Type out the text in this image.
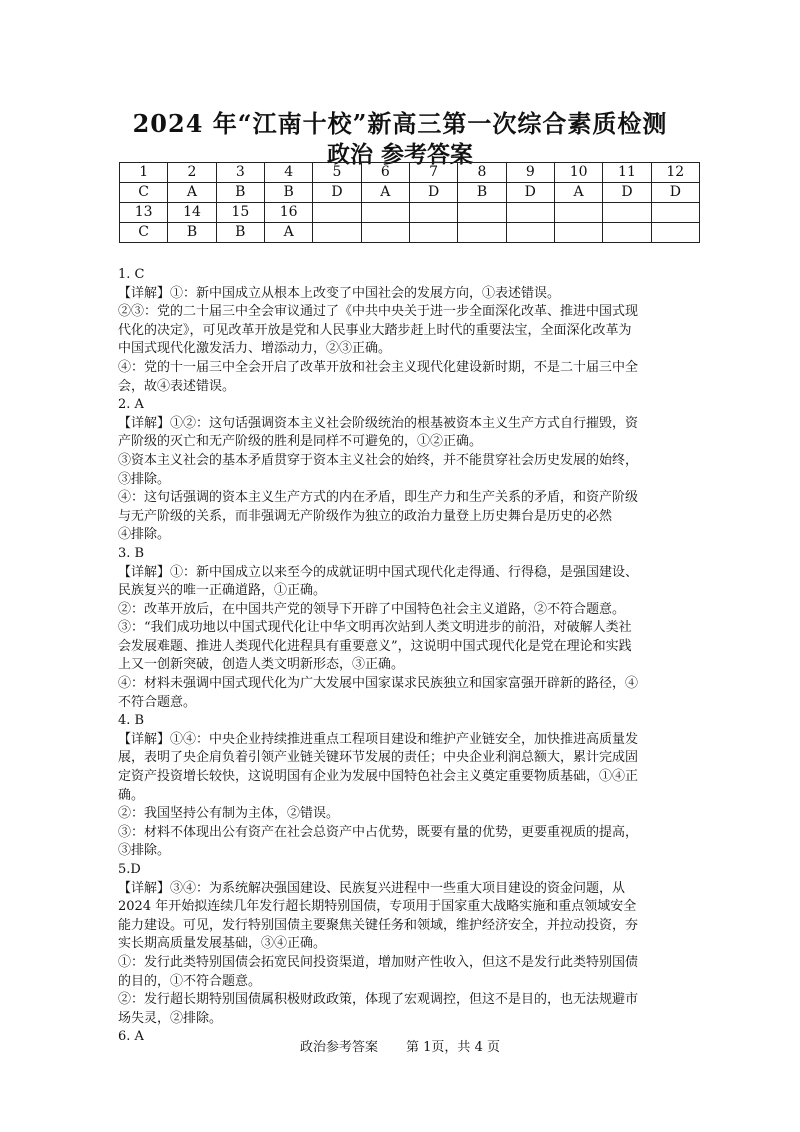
2024 年“江南十校”新高三第一次综合素质检测
政治 参考答案
1	2	3	4	5	6	7	8	9	10	11	12
C	A	B	B	D	A	D	B	D	A	D	D
13	14	15	16								
C	B	B	A								

1. C

【详解】①：新中国成立从根本上改变了中国社会的发展方向，①表述错误。

②③：党的二十届三中全会审议通过了《中共中央关于进一步全面深化改革、推进中国式现

代化的决定》，可见改革开放是党和人民事业大踏步赶上时代的重要法宝，全面深化改革为

中国式现代化激发活力、增添动力，②③正确。

④：党的十一届三中全会开启了改革开放和社会主义现代化建设新时期，不是二十届三中全

会，故④表述错误。

2. A

【详解】①②：这句话强调资本主义社会阶级统治的根基被资本主义生产方式自行摧毁，资

产阶级的灭亡和无产阶级的胜利是同样不可避免的，①②正确。

③资本主义社会的基本矛盾贯穿于资本主义社会的始终，并不能贯穿社会历史发展的始终，

③排除。

④：这句话强调的资本主义生产方式的内在矛盾，即生产力和生产关系的矛盾，和资产阶级

与无产阶级的关系，而非强调无产阶级作为独立的政治力量登上历史舞台是历史的必然

④排除。

3. B

【详解】①：新中国成立以来至今的成就证明中国式现代化走得通、行得稳，是强国建设、

民族复兴的唯一正确道路，①正确。

②：改革开放后，在中国共产党的领导下开辟了中国特色社会主义道路，②不符合题意。

③：“我们成功地以中国式现代化让中华文明再次站到人类文明进步的前沿，对破解人类社

会发展难题、推进人类现代化进程具有重要意义”，这说明中国式现代化是党在理论和实践

上又一创新突破，创造人类文明新形态，③正确。

④：材料未强调中国式现代化为广大发展中国家谋求民族独立和国家富强开辟新的路径，④

不符合题意。

4. B

【详解】①④：中央企业持续推进重点工程项目建设和维护产业链安全，加快推进高质量发

展，表明了央企肩负着引领产业链关键环节发展的责任；中央企业利润总额大，累计完成固

定资产投资增长较快，这说明国有企业为发展中国特色社会主义奠定重要物质基础，①④正

确。

②：我国坚持公有制为主体，②错误。

③：材料不体现出公有资产在社会总资产中占优势，既要有量的优势，更要重视质的提高，

③排除。

5.D

【详解】③④：为系统解决强国建设、民族复兴进程中一些重大项目建设的资金问题，从

2024 年开始拟连续几年发行超长期特别国债，专项用于国家重大战略实施和重点领域安全

能力建设。可见，发行特别国债主要聚焦关键任务和领域，维护经济安全，并拉动投资，夯

实长期高质量发展基础，③④正确。

①：发行此类特别国债会拓宽民间投资渠道，增加财产性收入，但这不是发行此类特别国债

的目的，①不符合题意。

②：发行超长期特别国债属积极财政政策，体现了宏观调控，但这不是目的，也无法规避市

场失灵，②排除。

6. A

政治参考答案 第 1页，共 4 页
